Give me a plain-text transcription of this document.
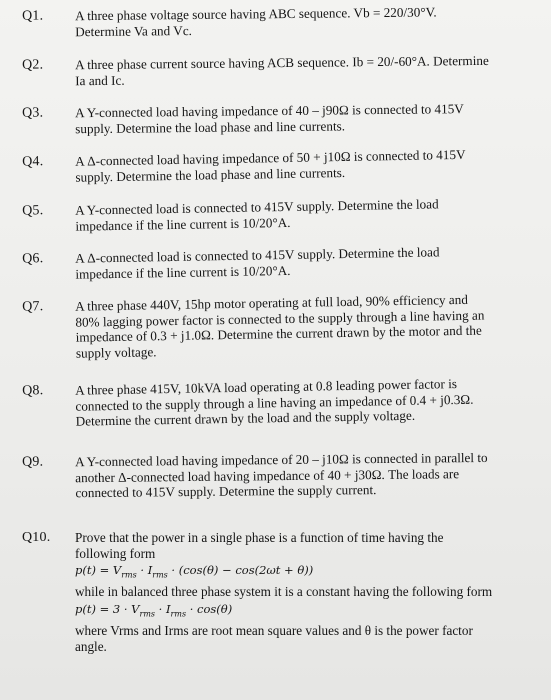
Q1. A three phase voltage source having ABC sequence. Vb = 220/30°V.
Determine Va and Vc.
Q2. A three phase current source having ACB sequence. Ib = 20/-60°A. Determine
Ia and Ic.
Q3. A Y-connected load having impedance of 40 – j90Ω is connected to 415V
supply. Determine the load phase and line currents.
Q4. A Δ-connected load having impedance of 50 + j10Ω is connected to 415V
supply. Determine the load phase and line currents.
Q5. A Y-connected load is connected to 415V supply. Determine the load
impedance if the line current is 10/20°A.
Q6. A Δ-connected load is connected to 415V supply. Determine the load
impedance if the line current is 10/20°A.
Q7. A three phase 440V, 15hp motor operating at full load, 90% efficiency and
80% lagging power factor is connected to the supply through a line having an
impedance of 0.3 + j1.0Ω. Determine the current drawn by the motor and the
supply voltage.
Q8. A three phase 415V, 10kVA load operating at 0.8 leading power factor is
connected to the supply through a line having an impedance of 0.4 + j0.3Ω.
Determine the current drawn by the load and the supply voltage.
Q9. A Y-connected load having impedance of 20 – j10Ω is connected in parallel to
another Δ-connected load having impedance of 40 + j30Ω. The loads are
connected to 415V supply. Determine the supply current.
Q10. Prove that the power in a single phase is a function of time having the
following form
$p(t) = V_{rms} \cdot I_{rms} \cdot (\cos(\theta) - \cos(2\omega t + \theta))$
while in balanced three phase system it is a constant having the following form
$p(t) = 3 \cdot V_{rms} \cdot I_{rms} \cdot \cos(\theta)$
where Vrms and Irms are root mean square values and θ is the power factor
angle.
